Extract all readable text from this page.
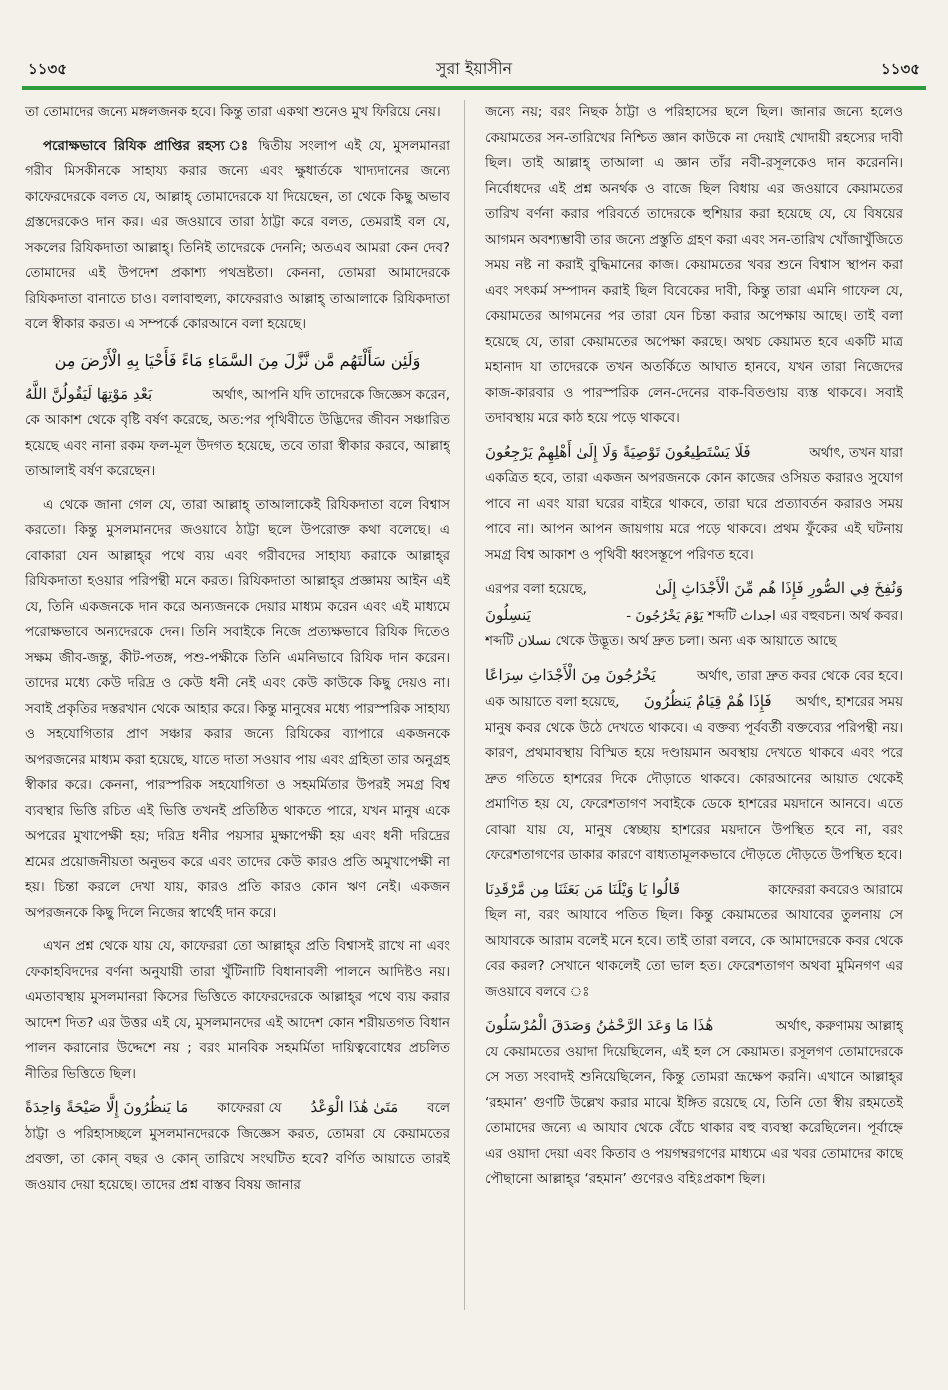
১১৩৫	সুরা ইয়াসীন	১১৩৫

তা তোমাদের জন্যে মঙ্গলজনক হবে। কিন্তু তারা একথা শুনেও মুখ ফিরিয়ে নেয়।

পরোক্ষভাবে রিযিক প্রাপ্তির রহস্য ঃ দ্বিতীয় সংলাপ এই যে, মুসলমানরা গরীব মিসকীনকে সাহায্য করার জন্যে এবং ক্ষুধার্তকে খাদ্যদানের জন্যে কাফেরদেরকে বলত যে, আল্লাহ্‌ তোমাদেরকে যা দিয়েছেন, তা থেকে কিছু অভাব গ্রস্তদেরকেও দান কর। এর জওয়াবে তারা ঠাট্টা করে বলত, তেমরাই বল যে, সকলের রিযিকদাতা আল্লাহ্‌। তিনিই তাদেরকে দেননি; অতএব আমরা কেন দেব? তোমাদের এই উপদেশ প্রকাশ্য পথভ্রষ্টতা। কেননা, তোমরা আমাদেরকে রিযিকদাতা বানাতে চাও। বলাবাহুল্য, কাফেররাও আল্লাহ্‌ তাআলাকে রিযিকদাতা বলে স্বীকার করত। এ সম্পর্কে কোরআনে বলা হয়েছে।

وَلَئِن سَأَلْتَهُم مَّن نَّزَّلَ مِنَ السَّمَاءِ مَاءً فَأَحْيَا بِهِ الْأَرْضَ مِن
بَعْدِ مَوْتِهَا لَيَقُولُنَّ اللَّهُ	অর্থাৎ, আপনি যদি তাদেরকে জিজ্ঞেস করেন,

কে আকাশ থেকে বৃষ্টি বর্ষণ করেছে, অত:পর পৃথিবীতে উদ্ভিদের জীবন সঞ্চারিত হয়েছে এবং নানা রকম ফল-মূল উদগত হয়েছে, তবে তারা স্বীকার করবে, আল্লাহ্‌ তাআলাই বর্ষণ করেছেন।

এ থেকে জানা গেল যে, তারা আল্লাহ্‌ তাআলাকেই রিযিকদাতা বলে বিশ্বাস করতো। কিন্তু মুসলমানদের জওয়াবে ঠাট্টা ছলে উপরোক্ত কথা বলেছে। এ বোকারা যেন আল্লাহ্‌র পথে ব্যয় এবং গরীবদের সাহায্য করাকে আল্লাহ্‌র রিযিকদাতা হওয়ার পরিপন্থী মনে করত। রিযিকদাতা আল্লাহ্‌র প্রজ্ঞাময় আইন এই যে, তিনি একজনকে দান করে অন্যজনকে দেয়ার মাধ্যম করেন এবং এই মাধ্যমে পরোক্ষভাবে অন্যদেরকে দেন। তিনি সবাইকে নিজে প্রত্যক্ষভাবে রিযিক দিতেও সক্ষম জীব-জন্তু, কীট-পতঙ্গ, পশু-পক্ষীকে তিনি এমনিভাবে রিযিক দান করেন। তাদের মধ্যে কেউ দরিদ্র ও কেউ ধনী নেই এবং কেউ কাউকে কিছু দেয়ও না। সবাই প্রকৃতির দস্তরখান থেকে আহার করে। কিন্তু মানুষের মধ্যে পারস্পরিক সাহায্য ও সহযোগিতার প্রাণ সঞ্চার করার জন্যে রিযিকের ব্যাপারে একজনকে অপরজনের মাধ্যম করা হয়েছে, যাতে দাতা সওয়াব পায় এবং গ্রহিতা তার অনুগ্রহ স্বীকার করে। কেননা, পারস্পরিক সহযোগিতা ও সহমর্মিতার উপরই সমগ্র বিশ্ব ব্যবস্থার ভিত্তি রচিত এই ভিত্তি তখনই প্রতিষ্ঠিত থাকতে পারে, যখন মানুষ একে অপরের মুখাপেক্ষী হয়; দরিদ্র ধনীর পয়সার মুক্ষাপেক্ষী হয় এবং ধনী দরিদ্রের শ্রমের প্রয়োজনীয়তা অনুভব করে এবং তাদের কেউ কারও প্রতি অমুখাপেক্ষী না হয়। চিন্তা করলে দেখা যায়, কারও প্রতি কারও কোন ঋণ নেই। একজন অপরজনকে কিছু দিলে নিজের স্বার্থেই দান করে।

এখন প্রশ্ন থেকে যায় যে, কাফেররা তো আল্লাহ্‌র প্রতি বিশ্বাসই রাখে না এবং ফেকাহবিদদের বর্ণনা অনুযায়ী তারা খুঁটিনাটি বিধানাবলী পালনে আদিষ্টও নয়। এমতাবস্থায় মুসলমানরা কিসের ভিত্তিতে কাফেরদেরকে আল্লাহ্‌র পথে ব্যয় করার আদেশ দিত? এর উত্তর এই যে, মুসলমানদের এই আদেশ কোন শরীয়তগত বিধান পালন করানোর উদ্দেশে নয় ; বরং মানবিক সহমর্মিতা দায়িত্ববোধের প্রচলিত নীতির ভিত্তিতে ছিল।

مَا يَنظُرُونَ إِلَّا صَيْحَةً وَاحِدَةً কাফেররা যে مَتَىٰ هَٰذَا الْوَعْدُ বলে

ঠাট্টা ও পরিহাসচ্ছলে মুসলমানদেরকে জিজ্ঞেস করত, তোমরা যে কেয়ামতের প্রবক্তা, তা কোন্‌ বছর ও কোন্‌ তারিখে সংঘটিত হবে? বর্ণিত আয়াতে তারই জওয়াব দেয়া হয়েছে। তাদের প্রশ্ন বাস্তব বিষয় জানার

জন্যে নয়; বরং নিছক ঠাট্টা ও পরিহাসের ছলে ছিল। জানার জন্যে হলেও কেয়ামতের সন-তারিখের নিশ্চিত জ্ঞান কাউকে না দেয়াই খোদায়ী রহস্যের দাবী ছিল। তাই আল্লাহ্‌ তাআলা এ জ্ঞান তাঁর নবী-রসূলকেও দান করেননি। নির্বোধদের এই প্রশ্ন অনর্থক ও বাজে ছিল বিধায় এর জওয়াবে কেয়ামতের তারিখ বর্ণনা করার পরিবর্তে তাদেরকে হুশিয়ার করা হয়েছে যে, যে বিষয়ের আগমন অবশ্যম্ভাবী তার জন্যে প্রস্তুতি গ্রহণ করা এবং সন-তারিখ খোঁজাখুঁজিতে সময় নষ্ট না করাই বুদ্ধিমানের কাজ। কেয়ামতের খবর শুনে বিশ্বাস স্থাপন করা এবং সৎকর্ম সম্পাদন করাই ছিল বিবেকের দাবী, কিন্তু তারা এমনি গাফেল যে, কেয়ামতের আগমনের পর তারা যেন চিন্তা করার অপেক্ষায় আছে। তাই বলা হয়েছে যে, তারা কেয়ামতের অপেক্ষা করছে। অথচ কেয়ামত হবে একটি মাত্র মহানাদ যা তাদেরকে তখন অতর্কিতে আঘাত হানবে, যখন তারা নিজেদের কাজ-কারবার ও পারস্পরিক লেন-দেনের বাক-বিতণ্ডায় ব্যস্ত থাকবে। সবাই তদাবস্থায় মরে কাঠ হয়ে পড়ে থাকবে।

فَلَا يَسْتَطِيعُونَ تَوْصِيَةً وَلَا إِلَىٰ أَهْلِهِمْ يَرْجِعُونَ	অর্থাৎ, তখন যারা

একত্রিত হবে, তারা একজন অপরজনকে কোন কাজের ওসিয়ত করারও সুযোগ পাবে না এবং যারা ঘরের বাইরে থাকবে, তারা ঘরে প্রত্যাবর্তন করারও সময় পাবে না। আপন আপন জায়গায় মরে পড়ে থাকবে। প্রথম ফুঁকের এই ঘটনায় সমগ্র বিশ্ব আকাশ ও পৃথিবী ধ্বংসস্তূপে পরিণত হবে।

এরপর বলা হয়েছে,	وَنُفِخَ فِي الصُّورِ فَإِذَا هُم مِّنَ الْأَجْدَاثِ إِلَىٰ
يَنسِلُونَ	- يَوْمَ يَخْرُجُونَ শব্দটি اجداث এর বহুবচন। অর্থ কবর।

শব্দটি نسلان থেকে উদ্ভূত। অর্থ দ্রুত চলা। অন্য এক আয়াতে আছে

يَخْرُجُونَ مِنَ الْأَجْدَاثِ سِرَاعًا	অর্থাৎ, তারা দ্রুত কবর থেকে বের হবে।
এক আয়াতে বলা হয়েছে, فَإِذَا هُمْ قِيَامٌ يَنظُرُونَ অর্থাৎ, হাশরের সময়

মানুষ কবর থেকে উঠে দেখতে থাকবে। এ বক্তব্য পূর্ববর্তী বক্তব্যের পরিপন্থী নয়। কারণ, প্রথমাবস্থায় বিস্মিত হয়ে দণ্ডায়মান অবস্থায় দেখতে থাকবে এবং পরে দ্রুত গতিতে হাশরের দিকে দৌড়াতে থাকবে। কোরআনের আয়াত থেকেই প্রমাণিত হয় যে, ফেরেশতাগণ সবাইকে ডেকে হাশরের ময়দানে আনবে। এতে বোঝা যায় যে, মানুষ স্বেচ্ছায় হাশরের ময়দানে উপস্থিত হবে না, বরং ফেরেশতাগণের ডাকার কারণে বাধ্যতামূলকভাবে দৌড়তে দৌড়তে উপস্থিত হবে।

قَالُوا يَا وَيْلَنَا مَن بَعَثَنَا مِن مَّرْقَدِنَا	কাফেররা কবরেও আরামে

ছিল না, বরং আযাবে পতিত ছিল। কিন্তু কেয়ামতের আযাবের তুলনায় সে আযাবকে আরাম বলেই মনে হবে। তাই তারা বলবে, কে আমাদেরকে কবর থেকে বের করল? সেখানে থাকলেই তো ভাল হত। ফেরেশতাগণ অথবা মুমিনগণ এর জওয়াবে বলবে ঃ

هَٰذَا مَا وَعَدَ الرَّحْمَٰنُ وَصَدَقَ الْمُرْسَلُونَ	অর্থাৎ, করুণাময় আল্লাহ্‌

যে কেয়ামতের ওয়াদা দিয়েছিলেন, এই হল সে কেয়ামত। রসূলগণ তোমাদেরকে সে সত্য সংবাদই শুনিয়েছিলেন, কিন্তু তোমরা ভ্রূক্ষেপ করনি। এখানে আল্লাহ্‌র ‘রহমান’ গুণটি উল্লেখ করার মাঝে ইঙ্গিত রয়েছে যে, তিনি তো স্বীয় রহমতেই তোমাদের জন্যে এ আযাব থেকে বেঁচে থাকার বহু ব্যবস্থা করেছিলেন। পূর্বাহ্নে এর ওয়াদা দেয়া এবং কিতাব ও পয়গম্বরগণের মাধ্যমে এর খবর তোমাদের কাছে পৌছানো আল্লাহ্‌র ‘রহমান’ গুণেরও বহিঃপ্রকাশ ছিল।
